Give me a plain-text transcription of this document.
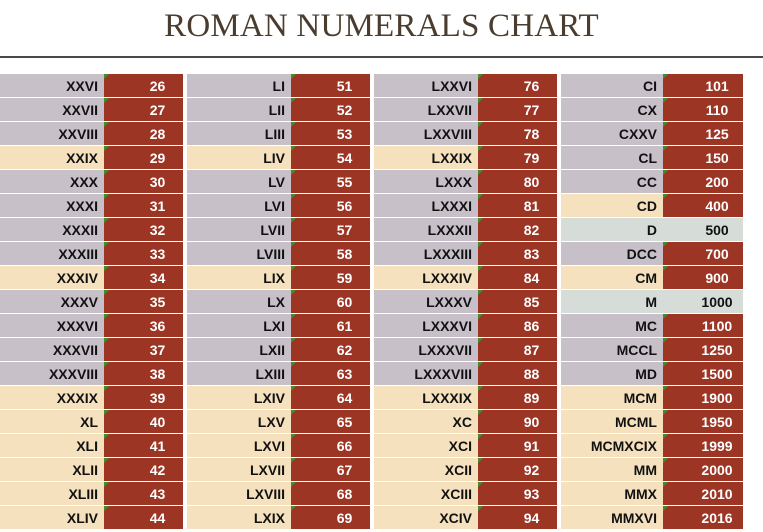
ROMAN NUMERALS CHART
XXVI	26	LI	51	LXXVI	76	CI	101
XXVII	27	LII	52	LXXVII	77	CX	110
XXVIII	28	LIII	53	LXXVIII	78	CXXV	125
XXIX	29	LIV	54	LXXIX	79	CL	150
XXX	30	LV	55	LXXX	80	CC	200
XXXI	31	LVI	56	LXXXI	81	CD	400
XXXII	32	LVII	57	LXXXII	82	D	500
XXXIII	33	LVIII	58	LXXXIII	83	DCC	700
XXXIV	34	LIX	59	LXXXIV	84	CM	900
XXXV	35	LX	60	LXXXV	85	M	1000
XXXVI	36	LXI	61	LXXXVI	86	MC	1100
XXXVII	37	LXII	62	LXXXVII	87	MCCL	1250
XXXVIII	38	LXIII	63	LXXXVIII	88	MD	1500
XXXIX	39	LXIV	64	LXXXIX	89	MCM	1900
XL	40	LXV	65	XC	90	MCML	1950
XLI	41	LXVI	66	XCI	91	MCMXCIX	1999
XLII	42	LXVII	67	XCII	92	MM	2000
XLIII	43	LXVIII	68	XCIII	93	MMX	2010
XLIV	44	LXIX	69	XCIV	94	MMXVI	2016
